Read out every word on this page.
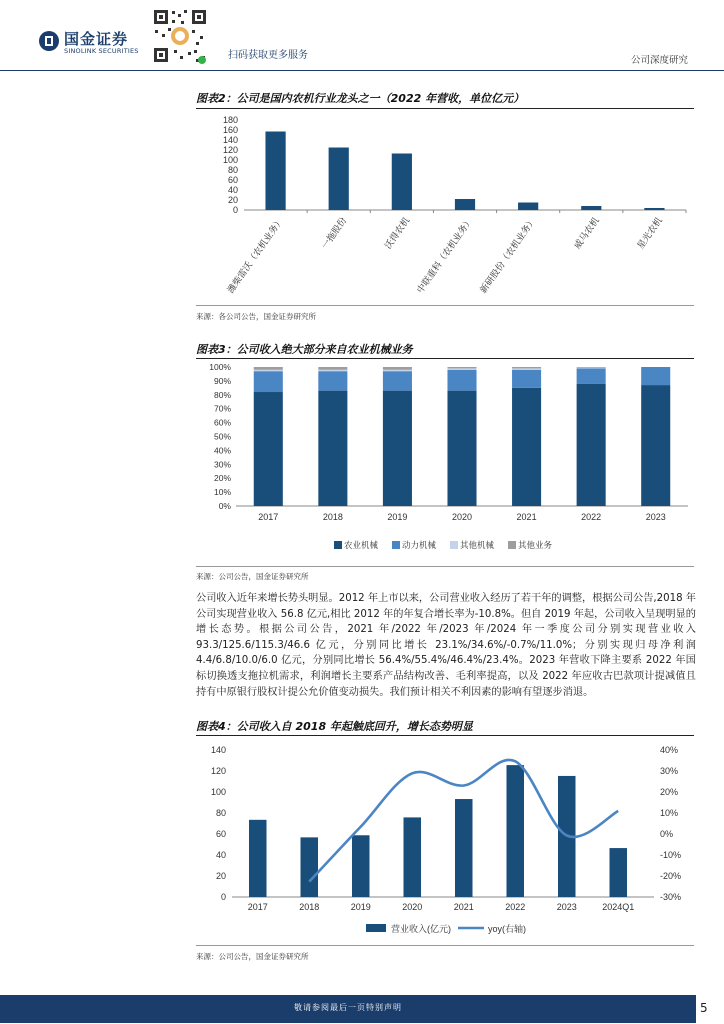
国金证券
SINOLINK SECURITIES	扫码获取更多服务	公司深度研究
图表2：公司是国内农机行业龙头之一（2022 年营收，单位亿元）
0
20
40
60
80
100
120
140
160
180
潍柴雷沃（农机业务）	一拖股份	沃得农机 中联重科（农机业务） 新研股份（农机业务）	威马农机	星光农机
来源：各公司公告，国金证券研究所
图表3：公司收入绝大部分来自农业机械业务
0%
10%
20%
30%
40%
50%
60%
70%
80%
90%
100%
2017	2018	2019	2020	2021	2022	2023
农业机械	动力机械	其他机械	其他业务
来源：公司公告，国金证券研究所

公司收入近年来增长势头明显。2012 年上市以来，公司营业收入经历了若干年的调整，根据公司公告,2018 年公司实现营业收入 56.8 亿元,相比 2012 年的年复合增长率为-10.8%。但自 2019 年起，公司收入呈现明显的增长态势。根据公司公告，2021 年/2022 年/2023 年/2024 年一季度公司分别实现营业收入 93.3/125.6/115.3/46.6 亿元，分别同比增长 23.1%/34.6%/-0.7%/11.0%；分别实现归母净利润 4.4/6.8/10.0/6.0 亿元，分别同比增长 56.4%/55.4%/46.4%/23.4%。2023 年营收下降主要系 2022 年国标切换透支拖拉机需求，利润增长主要系产品结构改善、毛利率提高，以及 2022 年应收古巴款项计提减值且持有中原银行股权计提公允价值变动损失。我们预计相关不利因素的影响有望逐步消退。

图表4：公司收入自 2018 年起触底回升，增长态势明显
0
20
40
60
80
100
120
140
-30%
-20%
-10%
0%
10%
20%
30%
40%
2017	2018	2019	2020	2021	2022	2023	2024Q1
营业收入(亿元)	yoy(右轴)
来源：公司公告，国金证券研究所
敬请参阅最后一页特别声明	5
